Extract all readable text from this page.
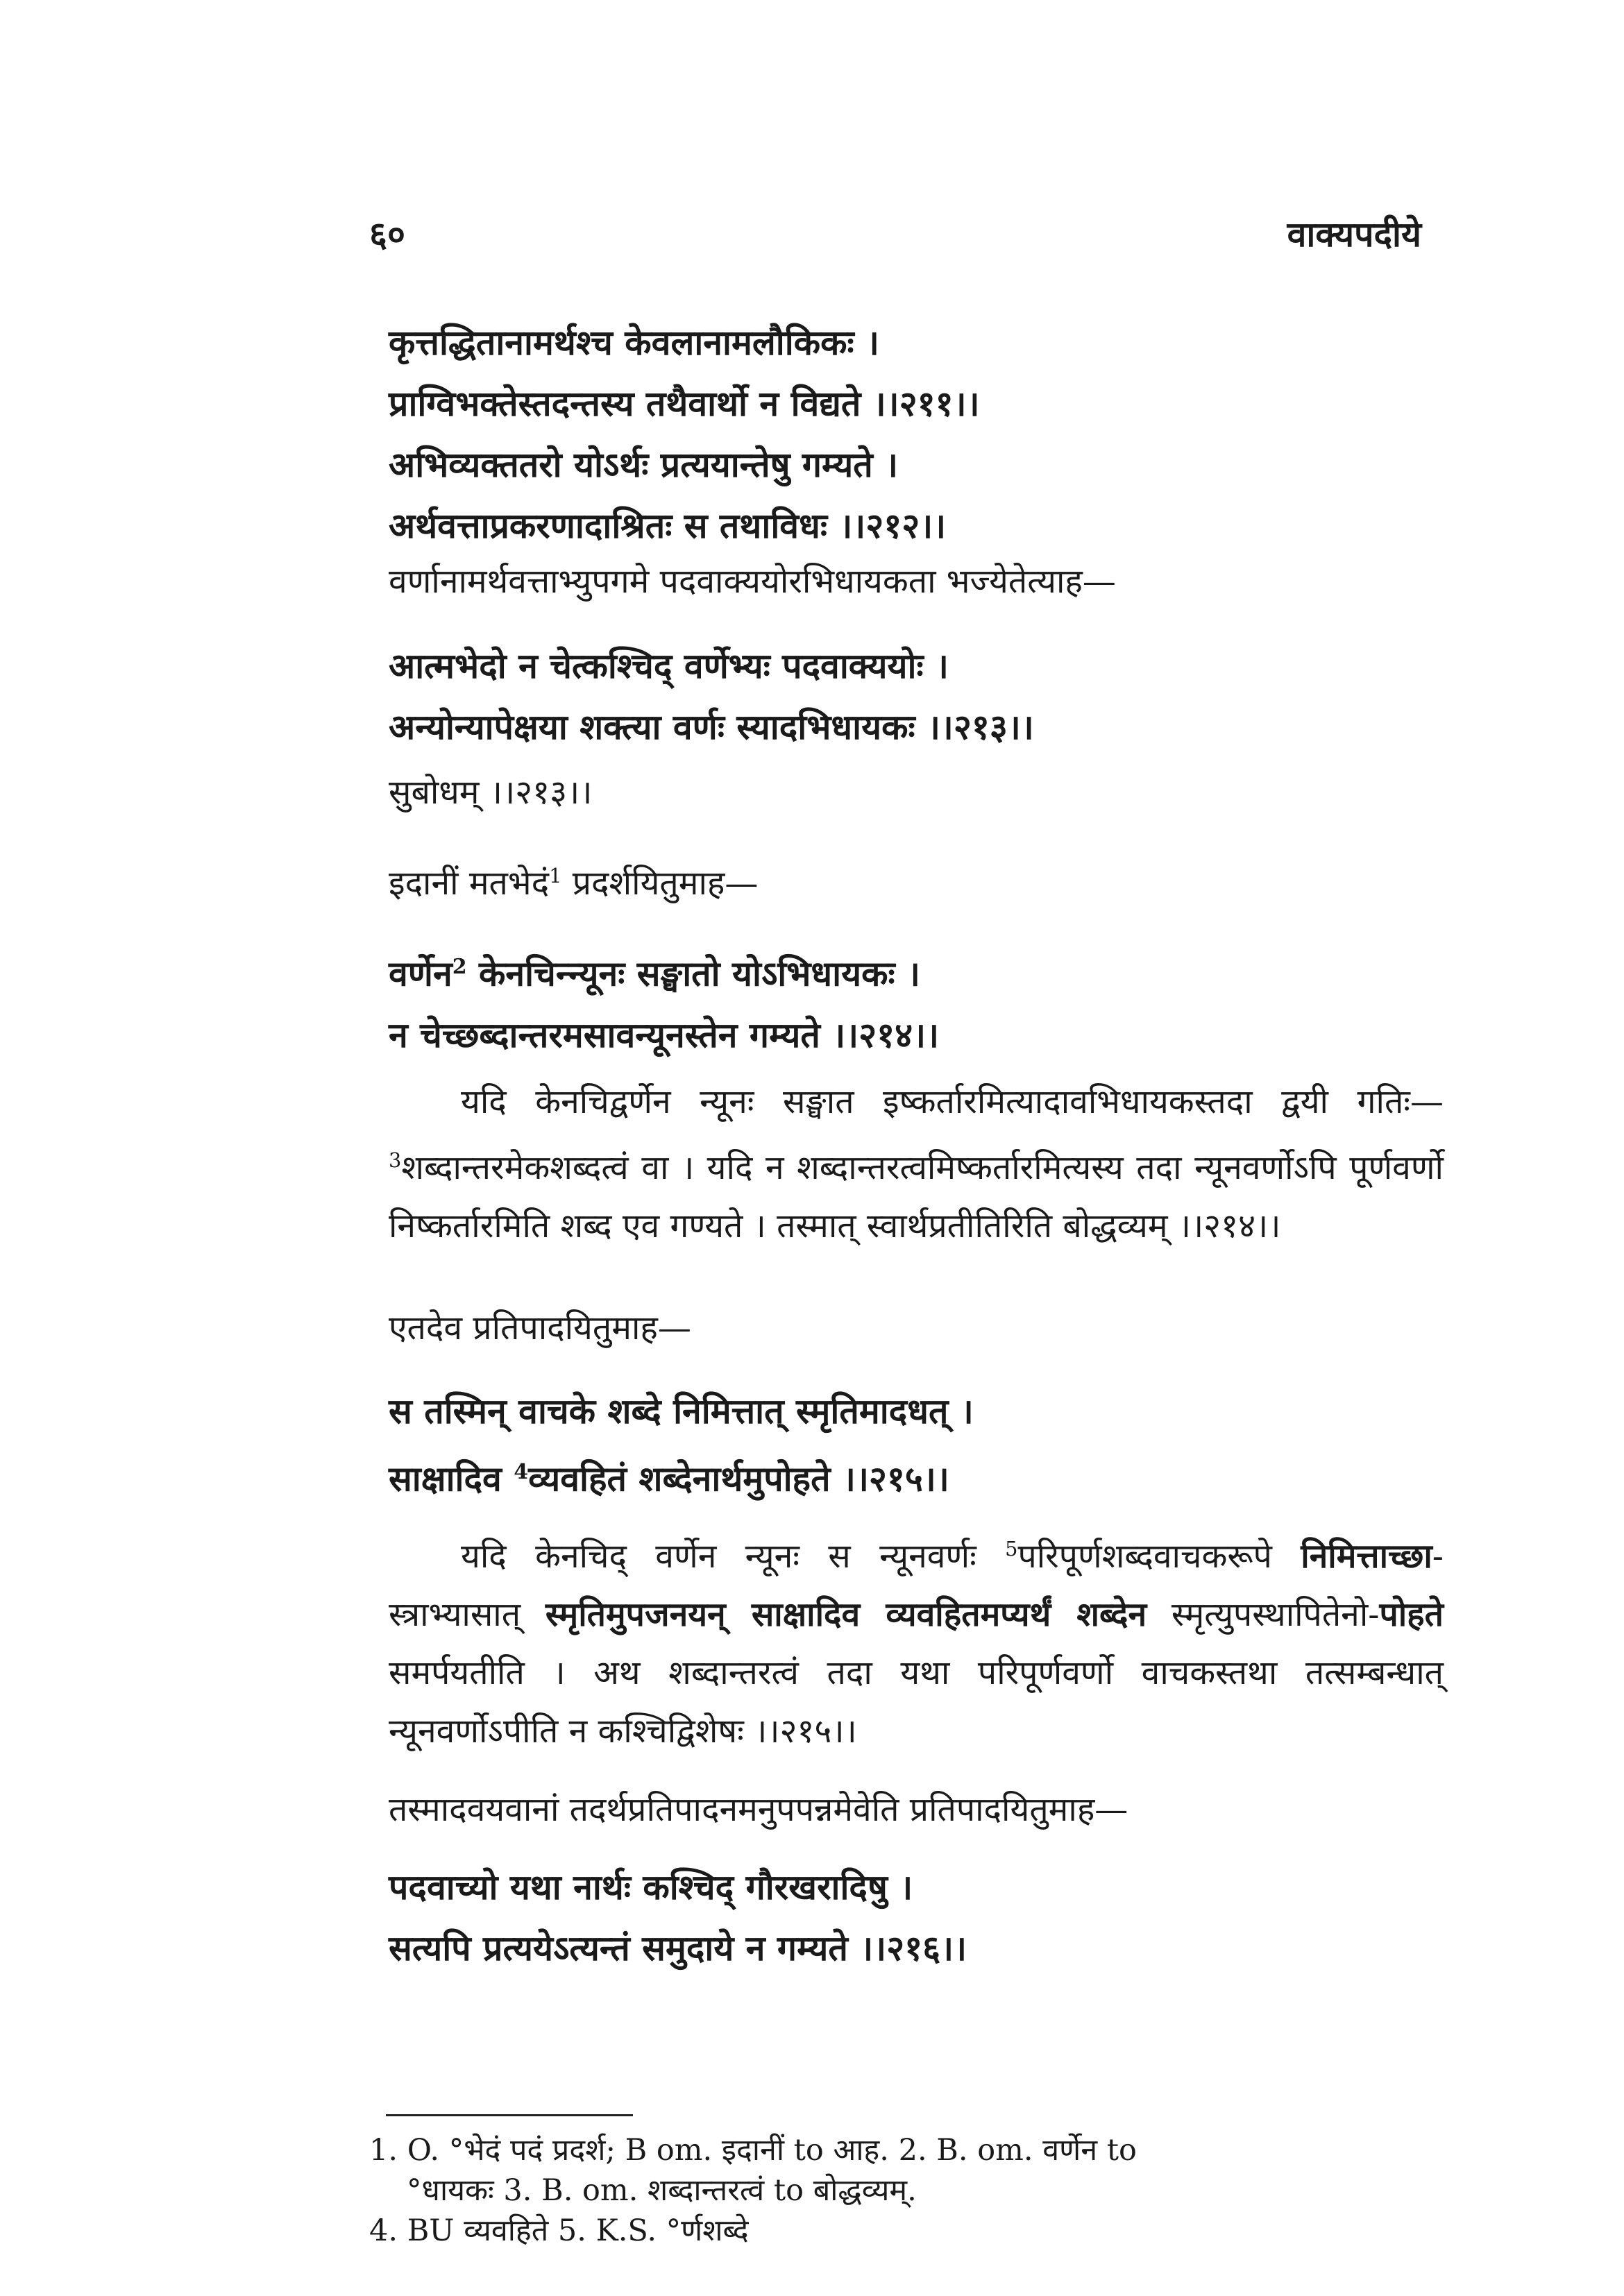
६०	वाक्यपदीये
कृत्तद्धितानामर्थश्च केवलानामलौकिकः ।
प्राग्विभक्तेस्तदन्तस्य तथैवार्थो न विद्यते ।।२११।।
अभिव्यक्ततरो योऽर्थः प्रत्ययान्तेषु गम्यते ।
अर्थवत्ताप्रकरणादाश्रितः स तथाविधः ।।२१२।।
वर्णानामर्थवत्ताभ्युपगमे पदवाक्ययोरभिधायकता भज्येतेत्याह—
आत्मभेदो न चेत्कश्चिद् वर्णेभ्यः पदवाक्ययोः ।
अन्योन्यापेक्षया शक्त्या वर्णः स्यादभिधायकः ।।२१३।।
सुबोधम् ।।२१३।।
इदानीं मतभेदं$^1$ प्रदर्शयितुमाह—
वर्णेन$^2$ केनचिन्न्यूनः सङ्घातो योऽभिधायकः ।
न चेच्छब्दान्तरमसावन्यूनस्तेन गम्यते ।।२१४।।

यदि केनचिद्वर्णेन न्यूनः सङ्घात इष्कर्तारमित्यादावभिधायकस्तदा द्वयी गतिः—$^3$शब्दान्तरमेकशब्दत्वं वा । यदि न शब्दान्तरत्वमिष्कर्तारमित्यस्य तदा न्यूनवर्णोऽपि पूर्णवर्णो निष्कर्तारमिति शब्द एव गण्यते । तस्मात् स्वार्थप्रतीतिरिति बोद्धव्यम् ।।२१४।।

एतदेव प्रतिपादयितुमाह—
स तस्मिन् वाचके शब्दे निमित्तात् स्मृतिमादधत् ।
साक्षादिव $^4$व्यवहितं शब्देनार्थमुपोहते ।।२१५।।

यदि केनचिद् वर्णेन न्यूनः स न्यूनवर्णः $^5$परिपूर्णशब्दवाचकरूपे निमित्ताच्छा-स्त्राभ्यासात् स्मृतिमुपजनयन् साक्षादिव व्यवहितमप्यर्थं शब्देन स्मृत्युपस्थापितेनो-पोहते समर्पयतीति । अथ शब्दान्तरत्वं तदा यथा परिपूर्णवर्णो वाचकस्तथा तत्सम्बन्धात् न्यूनवर्णोऽपीति न कश्चिद्विशेषः ।।२१५।।

तस्मादवयवानां तदर्थप्रतिपादनमनुपपन्नमेवेति प्रतिपादयितुमाह—
पदवाच्यो यथा नार्थः कश्चिद् गौरखरादिषु ।
सत्यपि प्रत्ययेऽत्यन्तं समुदाये न गम्यते ।।२१६।।
1. O. °भेदं पदं प्रदर्श; B om. इदानीं to आह. 2. B. om. वर्णेन to
°धायकः 3. B. om. शब्दान्तरत्वं to बोद्धव्यम्.
4. BU व्यवहिते 5. K.S. °र्णशब्दे
